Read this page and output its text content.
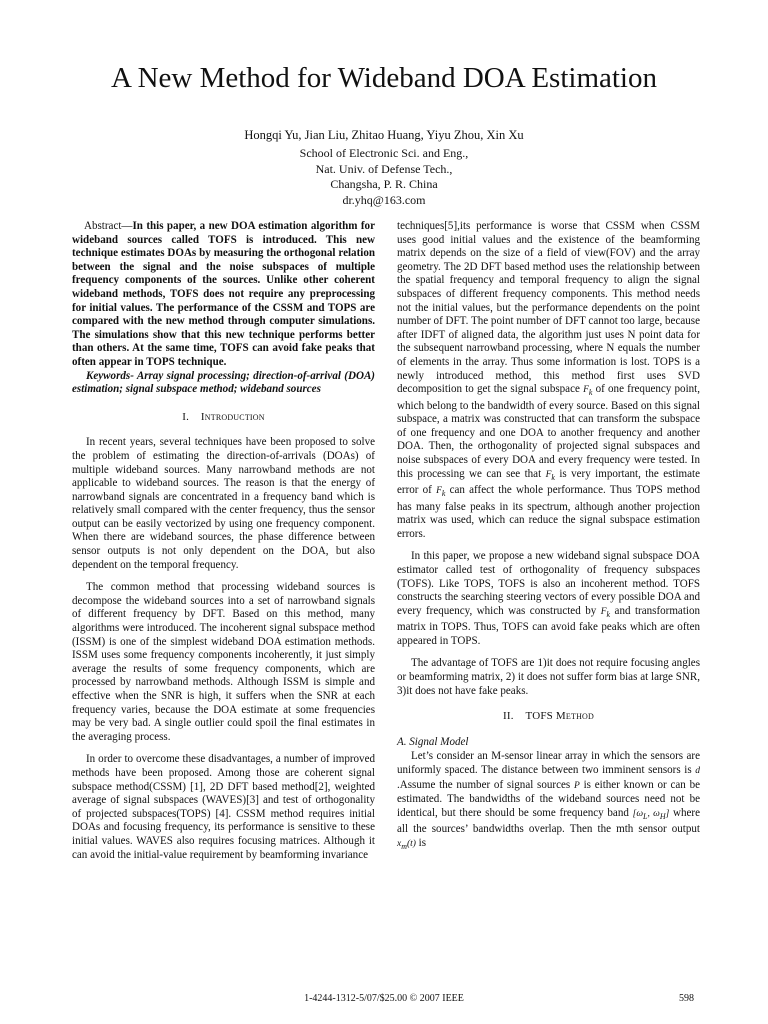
A New Method for Wideband DOA Estimation
Hongqi Yu, Jian Liu, Zhitao Huang, Yiyu Zhou, Xin Xu
School of Electronic Sci. and Eng.,
Nat. Univ. of Defense Tech.,
Changsha, P. R. China
dr.yhq@163.com

Abstract—In this paper, a new DOA estimation algorithm for wideband sources called TOFS is introduced. This new technique estimates DOAs by measuring the orthogonal relation between the signal and the noise subspaces of multiple frequency components of the sources. Unlike other coherent wideband methods, TOFS does not require any preprocessing for initial values. The performance of the CSSM and TOPS are compared with the new method through computer simulations. The simulations show that this new technique performs better than others. At the same time, TOFS can avoid fake peaks that often appear in TOPS technique.

Keywords- Array signal processing; direction-of-arrival (DOA) estimation; signal subspace method; wideband sources

I. Introduction

In recent years, several techniques have been proposed to solve the problem of estimating the direction-of-arrivals (DOAs) of multiple wideband sources. Many narrowband methods are not applicable to wideband sources. The reason is that the energy of narrowband signals are concentrated in a frequency band which is relatively small compared with the center frequency, thus the sensor output can be easily vectorized by using one frequency component. When there are wideband sources, the phase difference between sensor outputs is not only dependent on the DOA, but also dependent on the temporal frequency.

The common method that processing wideband sources is decompose the wideband sources into a set of narrowband signals of different frequency by DFT. Based on this method, many algorithms were introduced. The incoherent signal subspace method (ISSM) is one of the simplest wideband DOA estimation methods. ISSM uses some frequency components incoherently, it just simply average the results of some frequency components, which are processed by narrowband methods. Although ISSM is simple and effective when the SNR is high, it suffers when the SNR at each frequency varies, because the DOA estimate at some frequencies may be very bad. A single outlier could spoil the final estimates in the averaging process.

In order to overcome these disadvantages, a number of improved methods have been proposed. Among those are coherent signal subspace method(CSSM) [1], 2D DFT based method[2], weighted average of signal subspaces (WAVES)[3] and test of orthogonality of projected subspaces(TOPS) [4]. CSSM method requires initial DOAs and focusing frequency, its performance is sensitive to these initial values. WAVES also requires focusing matrices. Although it can avoid the initial-value requirement by beamforming invariance

techniques[5],its performance is worse that CSSM when CSSM uses good initial values and the existence of the beamforming matrix depends on the size of a field of view(FOV) and the array geometry. The 2D DFT based method uses the relationship between the spatial frequency and temporal frequency to align the signal subspaces of different frequency components. This method needs not the initial values, but the performance dependents on the point number of DFT. The point number of DFT cannot too large, because after IDFT of aligned data, the algorithm just uses N point data for the subsequent narrowband processing, where N equals the number of elements in the array. Thus some information is lost. TOPS is a newly introduced method, this method first uses SVD decomposition to get the signal subspace $F_k$ of one frequency point, which belong to the bandwidth of every source. Based on this signal subspace, a matrix was constructed that can transform the subspace of one frequency and one DOA to another frequency and another DOA. Then, the orthogonality of projected signal subspaces and noise subspaces of every DOA and every frequency were tested. In this processing we can see that $F_k$ is very important, the estimate error of $F_k$ can affect the whole performance. Thus TOPS method has many false peaks in its spectrum, although another projection matrix was used, which can reduce the signal subspace estimation errors.

In this paper, we propose a new wideband signal subspace DOA estimator called test of orthogonality of frequency subspaces (TOFS). Like TOPS, TOFS is also an incoherent method. TOFS constructs the searching steering vectors of every possible DOA and every frequency, which was constructed by $F_k$ and transformation matrix in TOPS. Thus, TOFS can avoid fake peaks which are often appeared in TOPS.

The advantage of TOFS are 1)it does not require focusing angles or beamforming matrix, 2) it does not suffer form bias at large SNR, 3)it does not have fake peaks.

II. TOFS Method
A. Signal Model

Let’s consider an M-sensor linear array in which the sensors are uniformly spaced. The distance between two imminent sensors is d .Assume the number of signal sources P is either known or can be estimated. The bandwidths of the wideband sources need not be identical, but there should be some frequency band [$\omega_L$, $\omega_H$] where all the sources’ bandwidths overlap. Then the mth sensor output $x_m(t)$ is

1-4244-1312-5/07/$25.00 © 2007 IEEE	598
